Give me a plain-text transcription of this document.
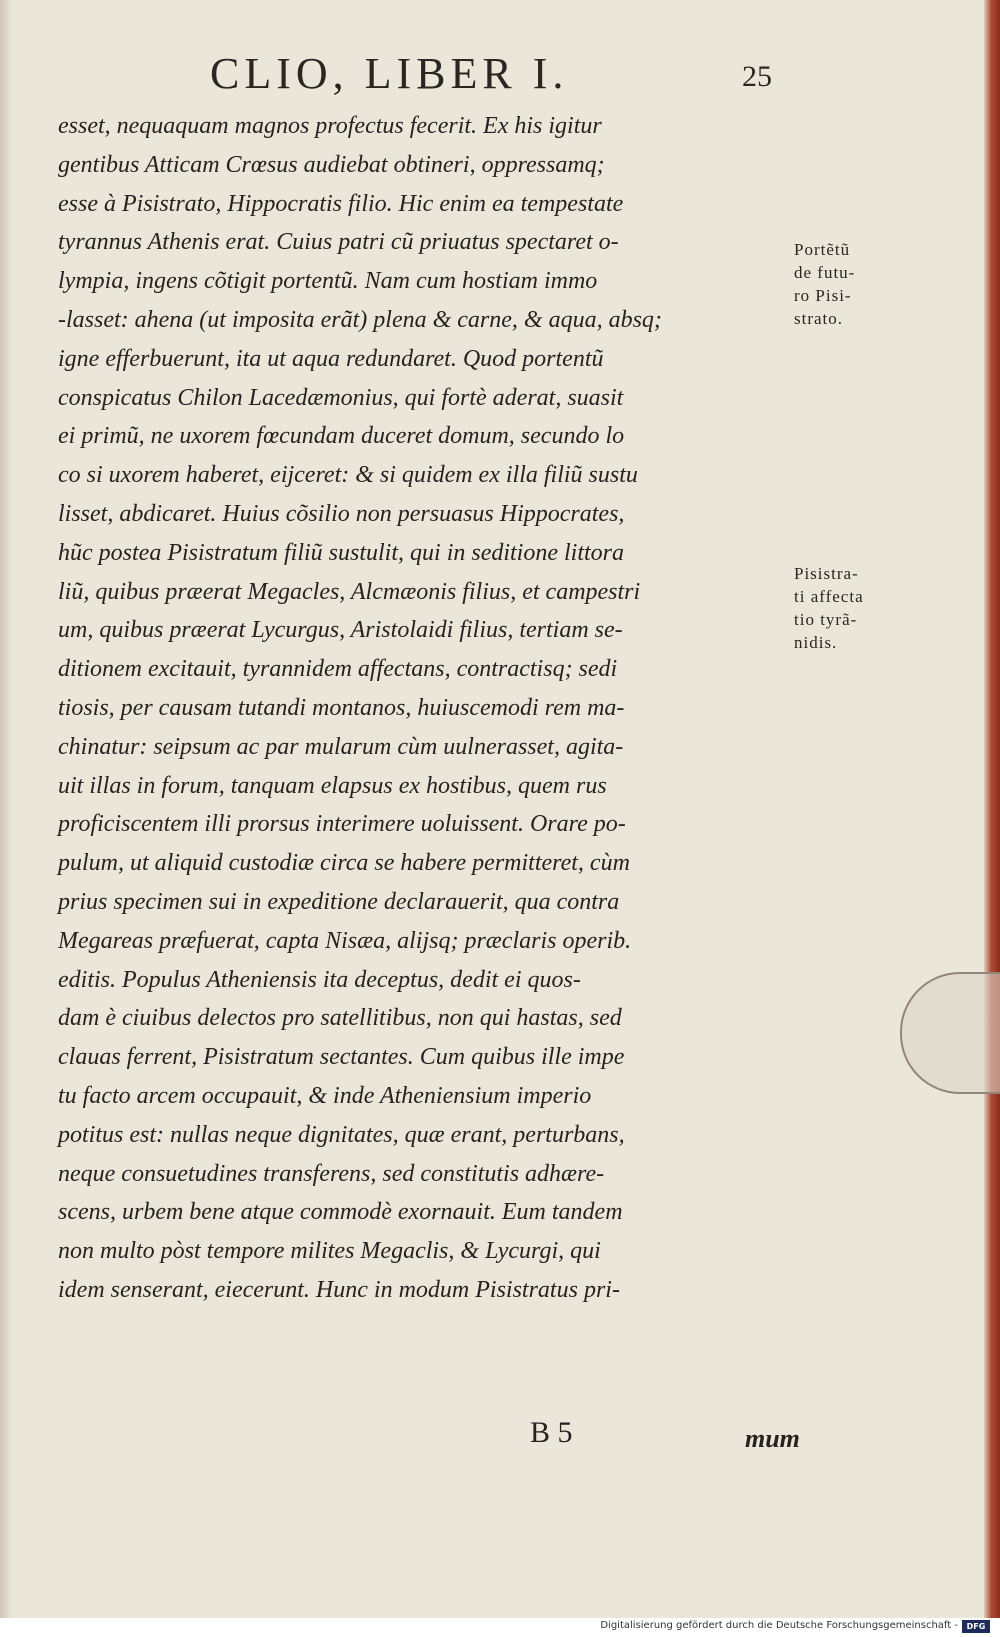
CLIO, LIBER I.	25
esset, nequaquam magnos profectus fecerit. Ex his igitur
gentibus Atticam Crœsus audiebat obtineri, oppressamq;
esse à Pisistrato, Hippocratis filio. Hic enim ea tempestate
tyrannus Athenis erat. Cuius patri cũ priuatus spectaret o-
lympia, ingens cõtigit portentũ. Nam cum hostiam immo
-lasset: ahena (ut imposita erãt) plena & carne, & aqua, absq;
igne efferbuerunt, ita ut aqua redundaret. Quod portentũ
conspicatus Chilon Lacedæmonius, qui fortè aderat, suasit
ei primũ, ne uxorem fœcundam duceret domum, secundo lo
co si uxorem haberet, eijceret: & si quidem ex illa filiũ sustu
lisset, abdicaret. Huius cõsilio non persuasus Hippocrates,
hũc postea Pisistratum filiũ sustulit, qui in seditione littora
liũ, quibus præerat Megacles, Alcmæonis filius, et campestri
um, quibus præerat Lycurgus, Aristolaidi filius, tertiam se-
ditionem excitauit, tyrannidem affectans, contractisq; sedi
tiosis, per causam tutandi montanos, huiuscemodi rem ma-
chinatur: seipsum ac par mularum cùm uulnerasset, agita-
uit illas in forum, tanquam elapsus ex hostibus, quem rus
proficiscentem illi prorsus interimere uoluissent. Orare po-
pulum, ut aliquid custodiæ circa se habere permitteret, cùm
prius specimen sui in expeditione declarauerit, qua contra
Megareas præfuerat, capta Nisæa, alijsq; præclaris operib.
editis. Populus Atheniensis ita deceptus, dedit ei quos-
dam è ciuibus delectos pro satellitibus, non qui hastas, sed
clauas ferrent, Pisistratum sectantes. Cum quibus ille impe
tu facto arcem occupauit, & inde Atheniensium imperio
potitus est: nullas neque dignitates, quæ erant, perturbans,
neque consuetudines transferens, sed constitutis adhære-
scens, urbem bene atque commodè exornauit. Eum tandem
non multo pòst tempore milites Megaclis, & Lycurgi, qui
idem senserant, eiecerunt. Hunc in modum Pisistratus pri-
Portẽtũ
de futu-
ro Pisi-
strato.
Pisistra-
ti affecta
tio tyrã-
nidis.
B 5	mum
Digitalisierung gefördert durch die Deutsche Forschungsgemeinschaft -	DFG
